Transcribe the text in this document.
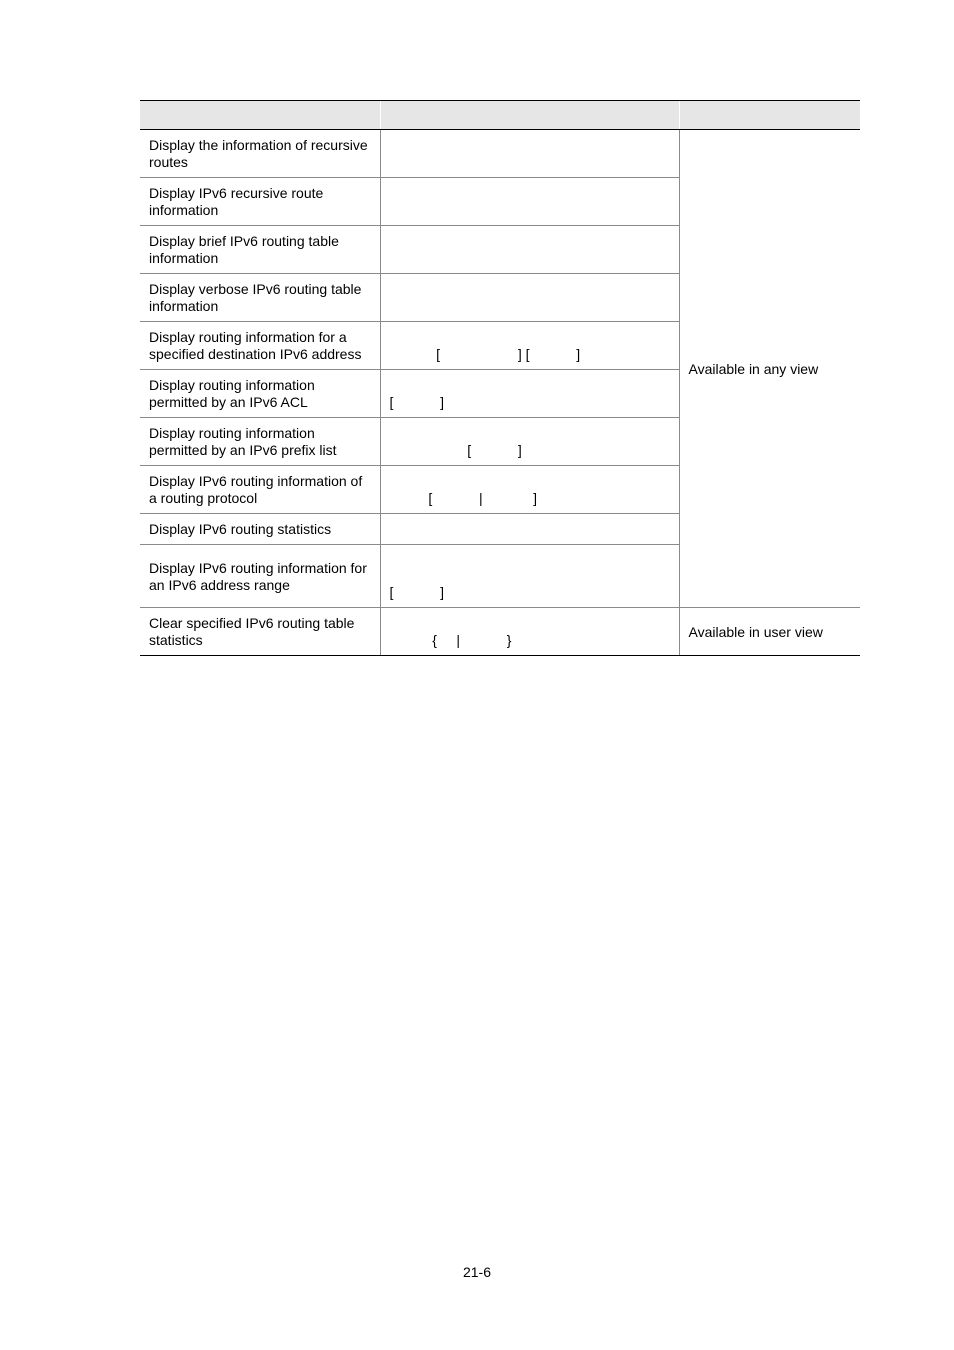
Display the information of recursive routes		Available in any view
Display IPv6 recursive route information		

Display brief IPv6 routing table information		

Display verbose IPv6 routing table information		

Display routing information for a specified destination IPv6 address	[                    ] [            ]	

Display routing information permitted by an IPv6 ACL	[            ]	

Display routing information permitted by an IPv6 prefix list	[            ]	

Display IPv6 routing information of a routing protocol	[            |             ]	

Display IPv6 routing statistics		

Display IPv6 routing information for an IPv6 address range	[            ]	

Clear specified IPv6 routing table statistics	{     |            }	Available in user view
21-6
